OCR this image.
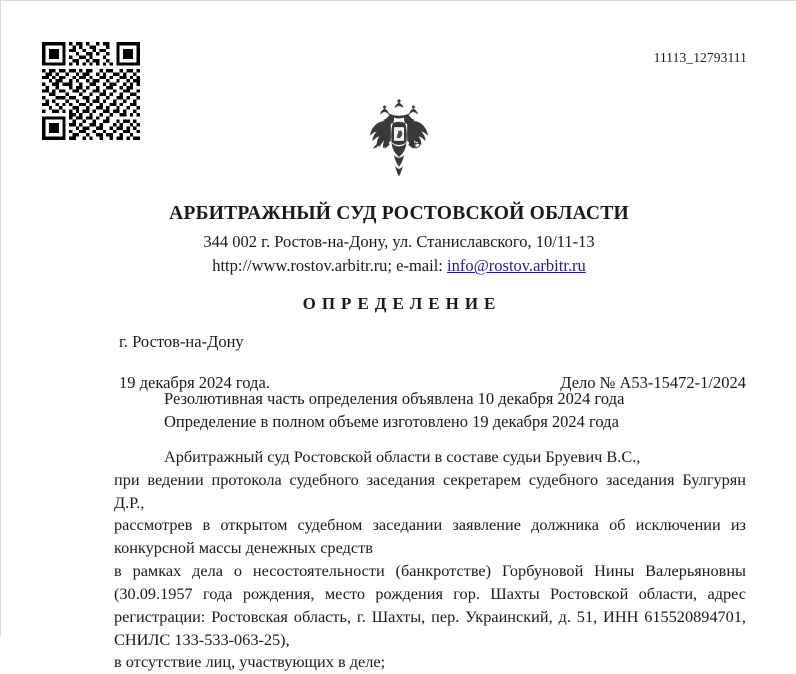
11113_12793111
АРБИТРАЖНЫЙ СУД РОСТОВСКОЙ ОБЛАСТИ
344 002 г. Ростов-на-Дону, ул. Станиславского, 10/11-13
http://www.rostov.arbitr.ru; e-mail: info@rostov.arbitr.ru
ОПРЕДЕЛЕНИЕ
г. Ростов-на-Дону
19 декабря 2024 года.	Дело № А53-15472-1/2024
Резолютивная часть определения объявлена 10 декабря 2024 года
Определение в полном объеме изготовлено 19 декабря 2024 года

Арбитражный суд Ростовской области в составе судьи Бруевич В.С.,

при ведении протокола судебного заседания секретарем судебного заседания Булгурян Д.Р.,

рассмотрев в открытом судебном заседании заявление должника об исключении из конкурсной массы денежных средств

в рамках дела о несостоятельности (банкротстве) Горбуновой Нины Валерьяновны (30.09.1957 года рождения, место рождения гор. Шахты Ростовской области, адрес регистрации: Ростовская область, г. Шахты, пер. Украинский, д. 51, ИНН 615520894701, СНИЛС 133-533-063-25),

в отсутствие лиц, участвующих в деле;
